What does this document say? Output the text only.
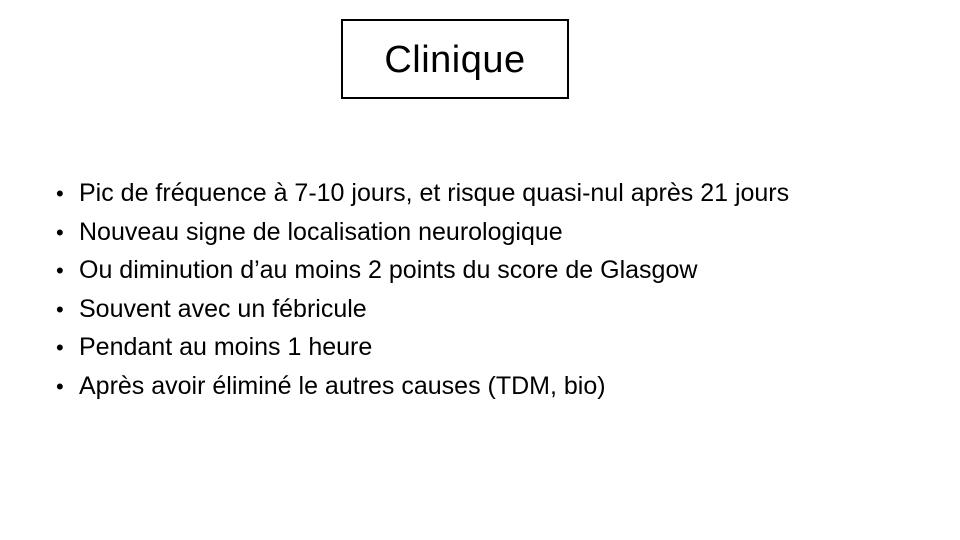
Clinique
• Pic de fréquence à 7-10 jours, et risque quasi-nul après 21 jours
• Nouveau signe de localisation neurologique
• Ou diminution d’au moins 2 points du score de Glasgow
• Souvent avec un fébricule
• Pendant au moins 1 heure
• Après avoir éliminé le autres causes (TDM, bio)
